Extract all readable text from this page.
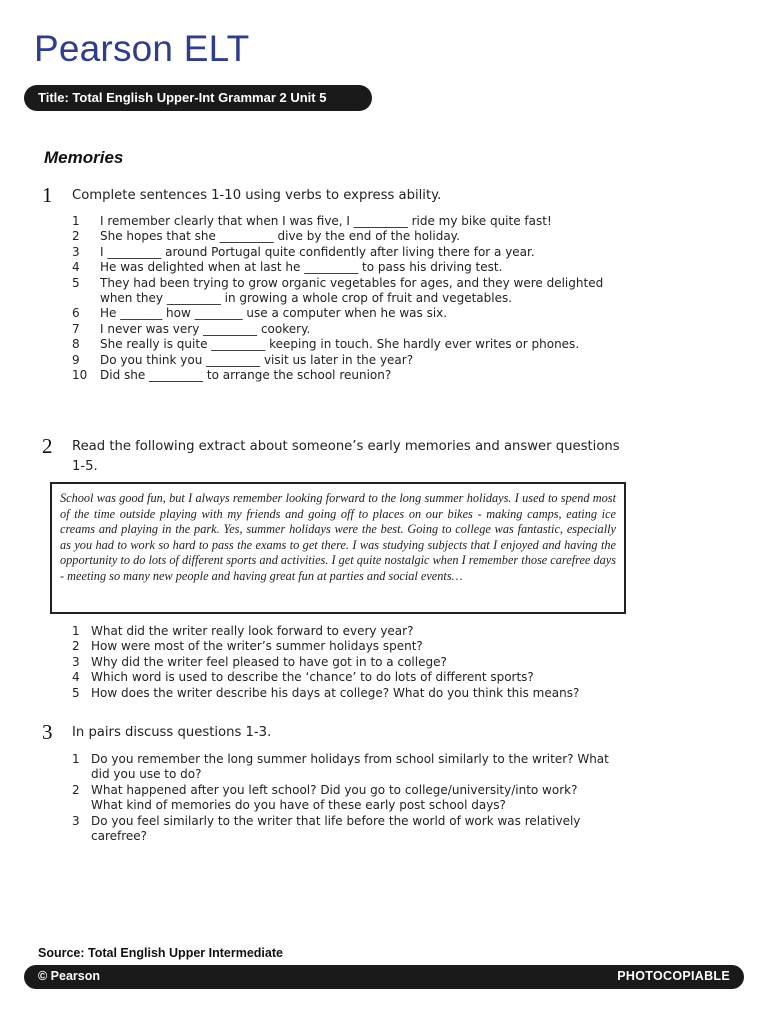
Pearson ELT
Title: Total English Upper-Int Grammar 2 Unit 5
Memories
1 Complete sentences 1-10 using verbs to express ability.
1	I remember clearly that when I was five, I _________ ride my bike quite fast!
2	She hopes that she _________ dive by the end of the holiday.
3	I _________ around Portugal quite confidently after living there for a year.
4	He was delighted when at last he _________ to pass his driving test.
5	They had been trying to grow organic vegetables for ages, and they were delighted when they _________ in growing a whole crop of fruit and vegetables.
6	He _______ how ________ use a computer when he was six.
7	I never was very _________ cookery.
8	She really is quite _________ keeping in touch. She hardly ever writes or phones.
9	Do you think you _________ visit us later in the year?
10	Did she _________ to arrange the school reunion?
2 Read the following extract about someone’s early memories and answer questions 1-5.
School was good fun, but I always remember looking forward to the long summer holidays. I used to spend most of the time outside playing with my friends and going off to places on our bikes - making camps, eating ice creams and playing in the park. Yes, summer holidays were the best. Going to college was fantastic, especially as you had to work so hard to pass the exams to get there. I was studying subjects that I enjoyed and having the opportunity to do lots of different sports and activities. I get quite nostalgic when I remember those carefree days - meeting so many new people and having great fun at parties and social events…
1 What did the writer really look forward to every year?
2 How were most of the writer’s summer holidays spent?
3 Why did the writer feel pleased to have got in to a college?
4 Which word is used to describe the ‘chance’ to do lots of different sports?
5 How does the writer describe his days at college? What do you think this means?
3 In pairs discuss questions 1-3.
1 Do you remember the long summer holidays from school similarly to the writer? What did you use to do?
2 What happened after you left school? Did you go to college/university/into work? What kind of memories do you have of these early post school days?
3 Do you feel similarly to the writer that life before the world of work was relatively carefree?
Source: Total English Upper Intermediate
© Pearson	PHOTOCOPIABLE
